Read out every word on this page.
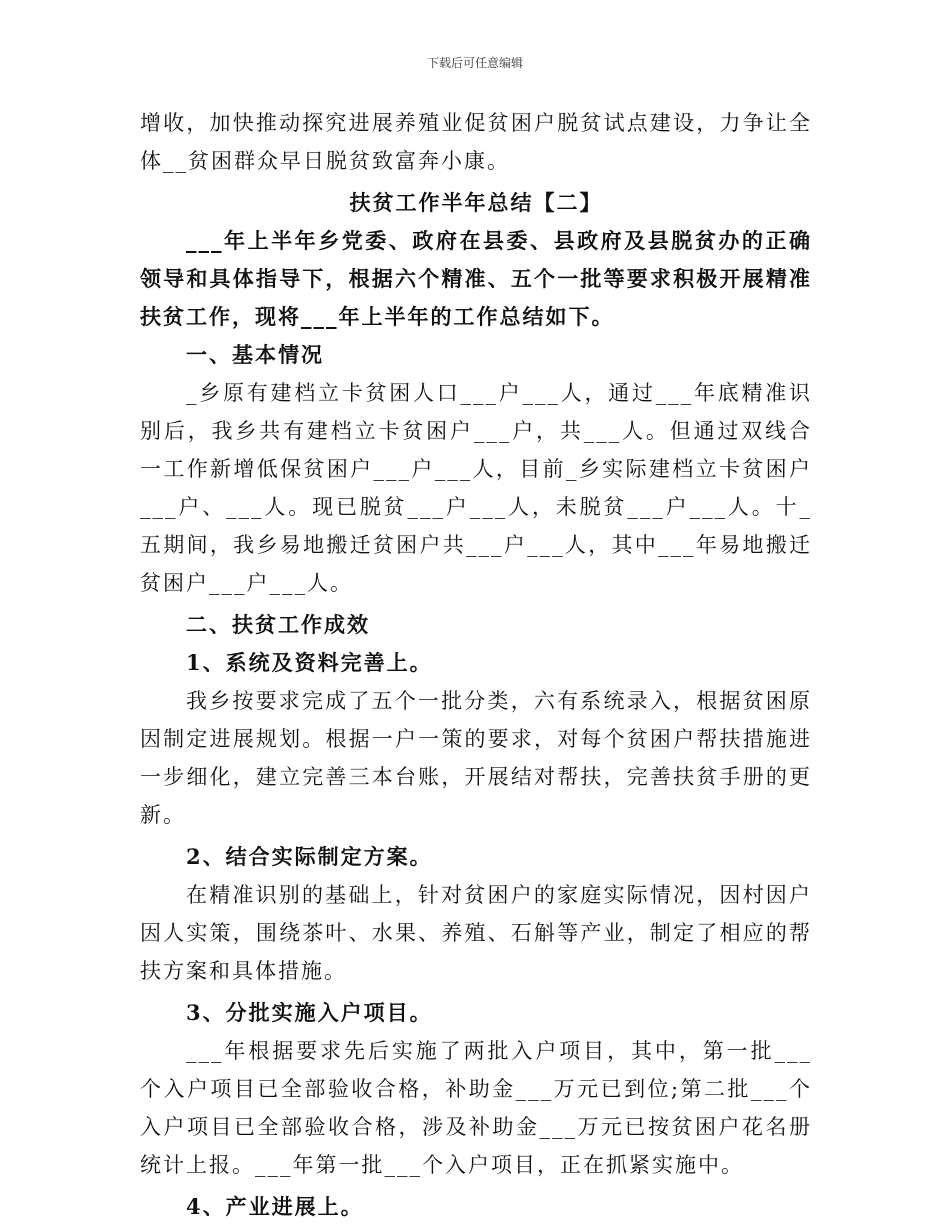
下载后可任意编辑

增收，加快推动探究进展养殖业促贫困户脱贫试点建设，力争让全体__贫困群众早日脱贫致富奔小康。

扶贫工作半年总结【二】

___年上半年乡党委、政府在县委、县政府及县脱贫办的正确领导和具体指导下，根据六个精准、五个一批等要求积极开展精准扶贫工作，现将___年上半年的工作总结如下。

一、基本情况

_乡原有建档立卡贫困人口___户___人，通过___年底精准识别后，我乡共有建档立卡贫困户___户，共___人。但通过双线合一工作新增低保贫困户___户___人，目前_乡实际建档立卡贫困户___户、___人。现已脱贫___户___人，未脱贫___户___人。十_五期间，我乡易地搬迁贫困户共___户___人，其中___年易地搬迁贫困户___户___人。

二、扶贫工作成效

1、系统及资料完善上。

我乡按要求完成了五个一批分类，六有系统录入，根据贫困原因制定进展规划。根据一户一策的要求，对每个贫困户帮扶措施进一步细化，建立完善三本台账，开展结对帮扶，完善扶贫手册的更新。

2、结合实际制定方案。

在精准识别的基础上，针对贫困户的家庭实际情况，因村因户因人实策，围绕茶叶、水果、养殖、石斛等产业，制定了相应的帮扶方案和具体措施。

3、分批实施入户项目。

___年根据要求先后实施了两批入户项目，其中，第一批___个入户项目已全部验收合格，补助金___万元已到位;第二批___个入户项目已全部验收合格，涉及补助金___万元已按贫困户花名册统计上报。___年第一批___个入户项目，正在抓紧实施中。

4、产业进展上。
